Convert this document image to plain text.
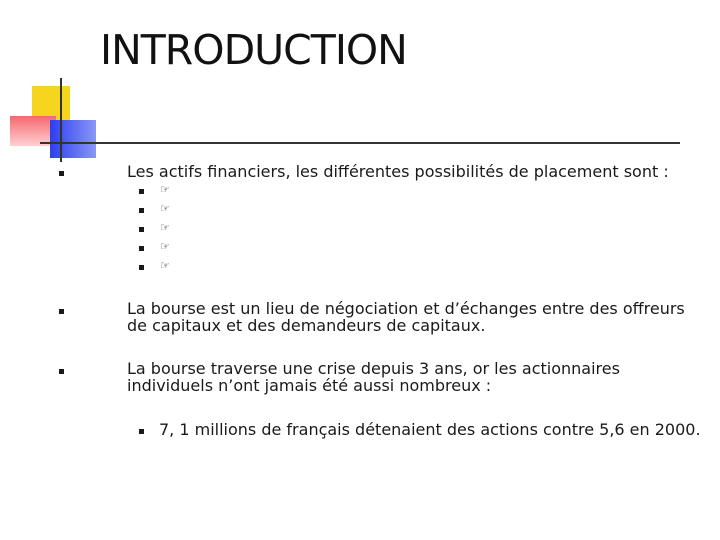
INTRODUCTION
Les actifs financiers, les différentes possibilités de placement sont :
☞
☞
☞
☞
☞
La bourse est un lieu de négociation et d’échanges entre des offreurs
de capitaux et des demandeurs de capitaux.
La bourse traverse une crise depuis 3 ans, or les actionnaires
individuels n’ont jamais été aussi nombreux :
7, 1 millions de français détenaient des actions contre 5,6 en 2000.
